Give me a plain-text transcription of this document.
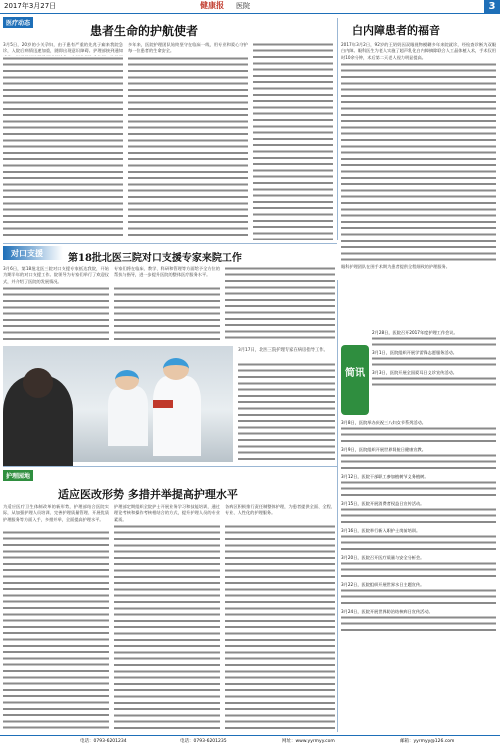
2017年3月27日	健康报 医院	3
医疗动态
患者生命的护航使者
3月5日，20岁的小关孕妇，由于患有严重的先兆子痫来我院急诊，入院后病情迅速加重，随即出现意识障碍。护理部接到通知
多年来，医院护理团队始终坚守在临床一线，用专业和爱心守护每一位患者的生命安全。
白内障患者的福音
2017年3月2日，92岁的王奶奶因双眼视物模糊多年来院就诊，经检查诊断为双眼白内障。眼科医生为老人实施了超声乳化白内障摘除联合人工晶体植入术，手术仅用时10余分钟，术后第二天老人视力明显提高。
眼科护理团队在围手术期为患者提供全程细致的护理服务。
对口支援	第18批北医三院对口支援专家来院工作
3月6日，第18批北医三院对口支援专家抵达我院，开始为期半年的对口支援工作。院领导为专家们举行了欢迎仪式，并介绍了医院的发展情况。
专家们将在临床、教学、科研和管理等方面给予全方位的帮扶与指导，进一步提升医院的整体医疗服务水平。
3月17日，北医三院护理专家在病房指导工作。
护理园地
适应医改形势 多措并举提高护理水平
为适应医疗卫生体制改革的新形势，护理部结合医院实际，从加强护理人员培训、完善护理质量管理、开展优质护理服务等方面入手，多措并举，全面提高护理水平。
护理部定期组织全院护士开展业务学习和技能培训，通过理论考核和操作考核相结合的方式，提升护理人员的专业素质。
各病区积极推行责任制整体护理，为患者提供全面、全程、专业、人性化的护理服务。
简讯
2月28日，医院召开2017年度护理工作会议。
3月1日，医院组织开展学雷锋志愿服务活动。
3月3日，医院开展全国爱耳日义诊宣传活动。
3月8日，医院举办庆祝三八妇女节系列活动。
3月9日，医院组织开展世界肾脏日健康宣教。
3月12日，医院干部职工参加植树节义务植树。
3月15日，医院开展消费者权益日宣传活动。
3月16日，医院举行新入职护士岗前培训。
3月20日，医院召开医疗质量与安全分析会。
3月22日，医院组织开展世界水日主题宣传。
3月24日，医院开展世界防治结核病日宣传活动。
电话：0793-6201234	电话：0793-6201235	网址：www.yyrmyy.com	邮箱：yyrmyy@126.com
